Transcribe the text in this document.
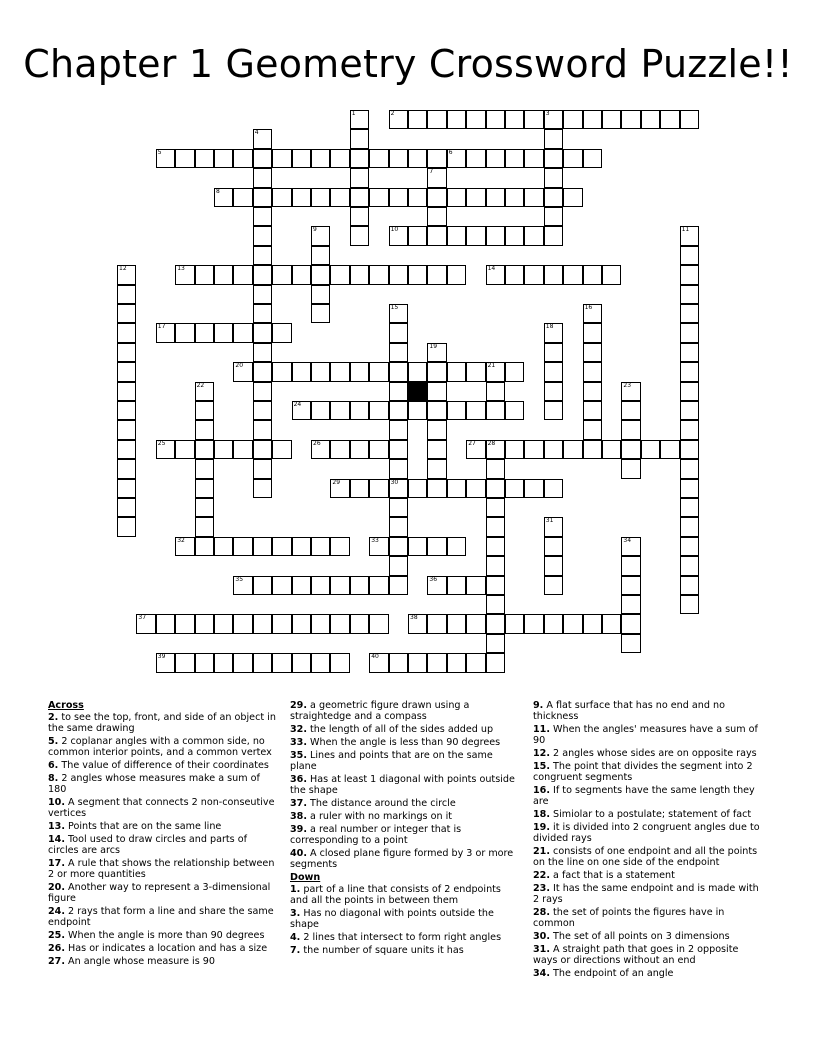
Chapter 1 Geometry Crossword Puzzle!!
1	2	3
4
5	6
7
8
9	10	11
12	13	14
15
30
16
17	18
19
20	21
22	23
24
25	26	27 28
29
31
32	33	34
35	36
37	38
39	40
Across
2. to see the top, front, and side of an object in the same drawing
5. 2 coplanar angles with a common side, no common interior points, and a common vertex
6. The value of difference of their coordinates
8. 2 angles whose measures make a sum of 180
10. A segment that connects 2 non-conseutive vertices
13. Points that are on the same line
14. Tool used to draw circles and parts of circles are arcs
17. A rule that shows the relationship between 2 or more quantities
20. Another way to represent a 3-dimensional figure
24. 2 rays that form a line and share the same endpoint
25. When the angle is more than 90 degrees
26. Has or indicates a location and has a size
27. An angle whose measure is 90
29. a geometric figure drawn using a straightedge and a compass
32. the length of all of the sides added up
33. When the angle is less than 90 degrees
35. Lines and points that are on the same plane
36. Has at least 1 diagonal with points outside the shape
37. The distance around the circle
38. a ruler with no markings on it
39. a real number or integer that is corresponding to a point
40. A closed plane figure formed by 3 or more segments
Down
1. part of a line that consists of 2 endpoints and all the points in between them
3. Has no diagonal with points outside the shape
4. 2 lines that intersect to form right angles
7. the number of square units it has
9. A flat surface that has no end and no thickness
11. When the angles' measures have a sum of 90
12. 2 angles whose sides are on opposite rays
15. The point that divides the segment into 2 congruent segments
16. If to segments have the same length they are
18. Simiolar to a postulate; statement of fact
19. it is divided into 2 congruent angles due to divided rays
21. consists of one endpoint and all the points on the line on one side of the endpoint
22. a fact that is a statement
23. It has the same endpoint and is made with 2 rays
28. the set of points the figures have in common
30. The set of all points on 3 dimensions
31. A straight path that goes in 2 opposite ways or directions without an end
34. The endpoint of an angle
